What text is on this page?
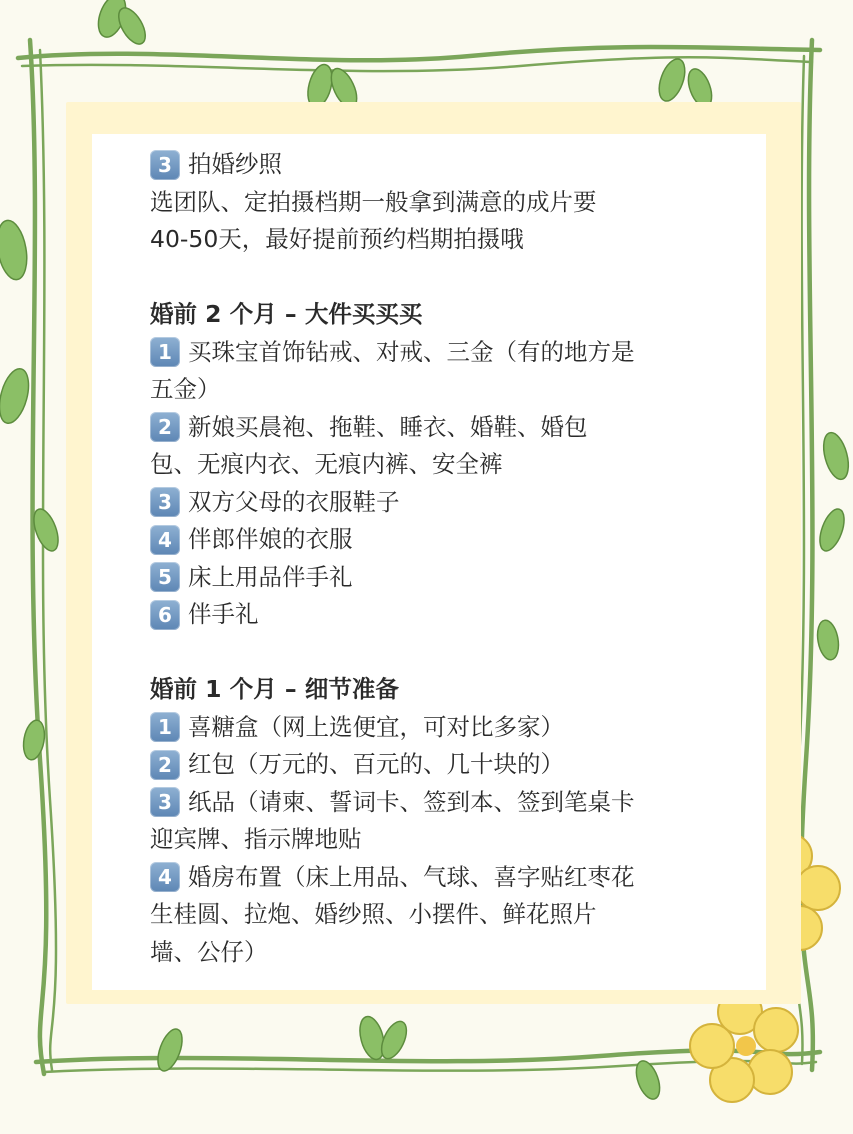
3 拍婚纱照
选团队、定拍摄档期一般拿到满意的成片要
40-50天，最好提前预约档期拍摄哦
婚前 2 个月 – 大件买买买
1 买珠宝首饰钻戒、对戒、三金（有的地方是
五金）
2 新娘买晨袍、拖鞋、睡衣、婚鞋、婚包
包、无痕内衣、无痕内裤、安全裤
3 双方父母的衣服鞋子
4 伴郎伴娘的衣服
5 床上用品伴手礼
6 伴手礼
婚前 1 个月 – 细节准备
1 喜糖盒（网上选便宜，可对比多家）
2 红包（万元的、百元的、几十块的）
3 纸品（请柬、誓词卡、签到本、签到笔桌卡
迎宾牌、指示牌地贴
4 婚房布置（床上用品、气球、喜字贴红枣花
生桂圆、拉炮、婚纱照、小摆件、鲜花照片
墙、公仔）
